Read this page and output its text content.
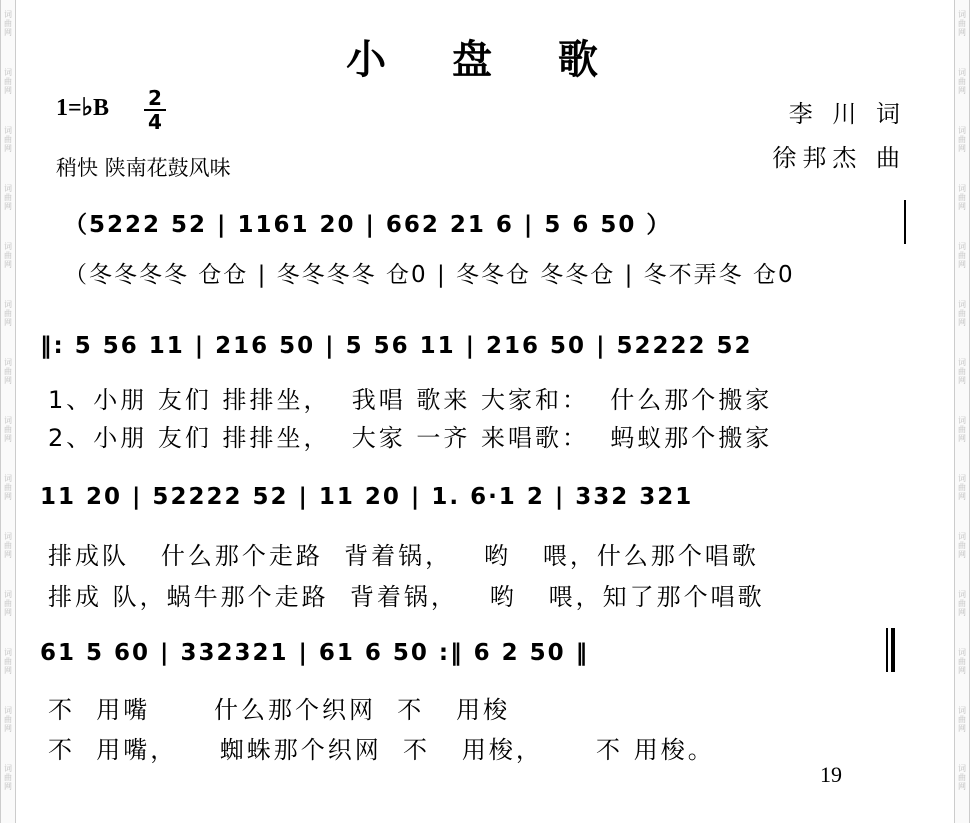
词
曲
网
词
曲
网
词
曲
网
词
曲
网
词
曲
网
词
曲
网
词
曲
网
词
曲
网
词
曲
网
词
曲
网
词
曲
网
词
曲
网
词
曲
网
词
曲
网
词
曲
网
词
曲
网
词
曲
网
词
曲
网
词
曲
网
词
曲
网
词
曲
网
词
曲
网
词
曲
网
词
曲
网
词
曲
网
词
曲
网
词
曲
网
词
曲
网
小 盘 歌
1=♭B 2
4	李 川 词
徐邦杰 曲
稍快 陕南花鼓风味
（5222 52 | 1161 20 | 662 21 6 | 5 6 50 ）
（冬冬冬冬 仓仓 | 冬冬冬冬 仓0 | 冬冬仓 冬冬仓 | 冬不弄冬 仓0
‖: 5 56 11 | 216 50 | 5 56 11 | 216 50 | 52222 52
1、小朋 友们 排排坐，  我唱 歌来 大家和：  什么那个搬家
2、小朋 友们 排排坐，  大家 一齐 来唱歌：  蚂蚁那个搬家
11 20 | 52222 52 | 11 20 | 1. 6·1 2 | 332 321
排成队   什么那个走路  背着锅，   哟   喂，什么那个唱歌
排成 队，蜗牛那个走路  背着锅，   哟   喂，知了那个唱歌
61 5 60 | 332321 | 61 6 50 :‖ 6 2 50 ‖
不  用嘴      什么那个织网  不   用梭
不  用嘴，    蜘蛛那个织网  不   用梭，     不 用梭。
19
